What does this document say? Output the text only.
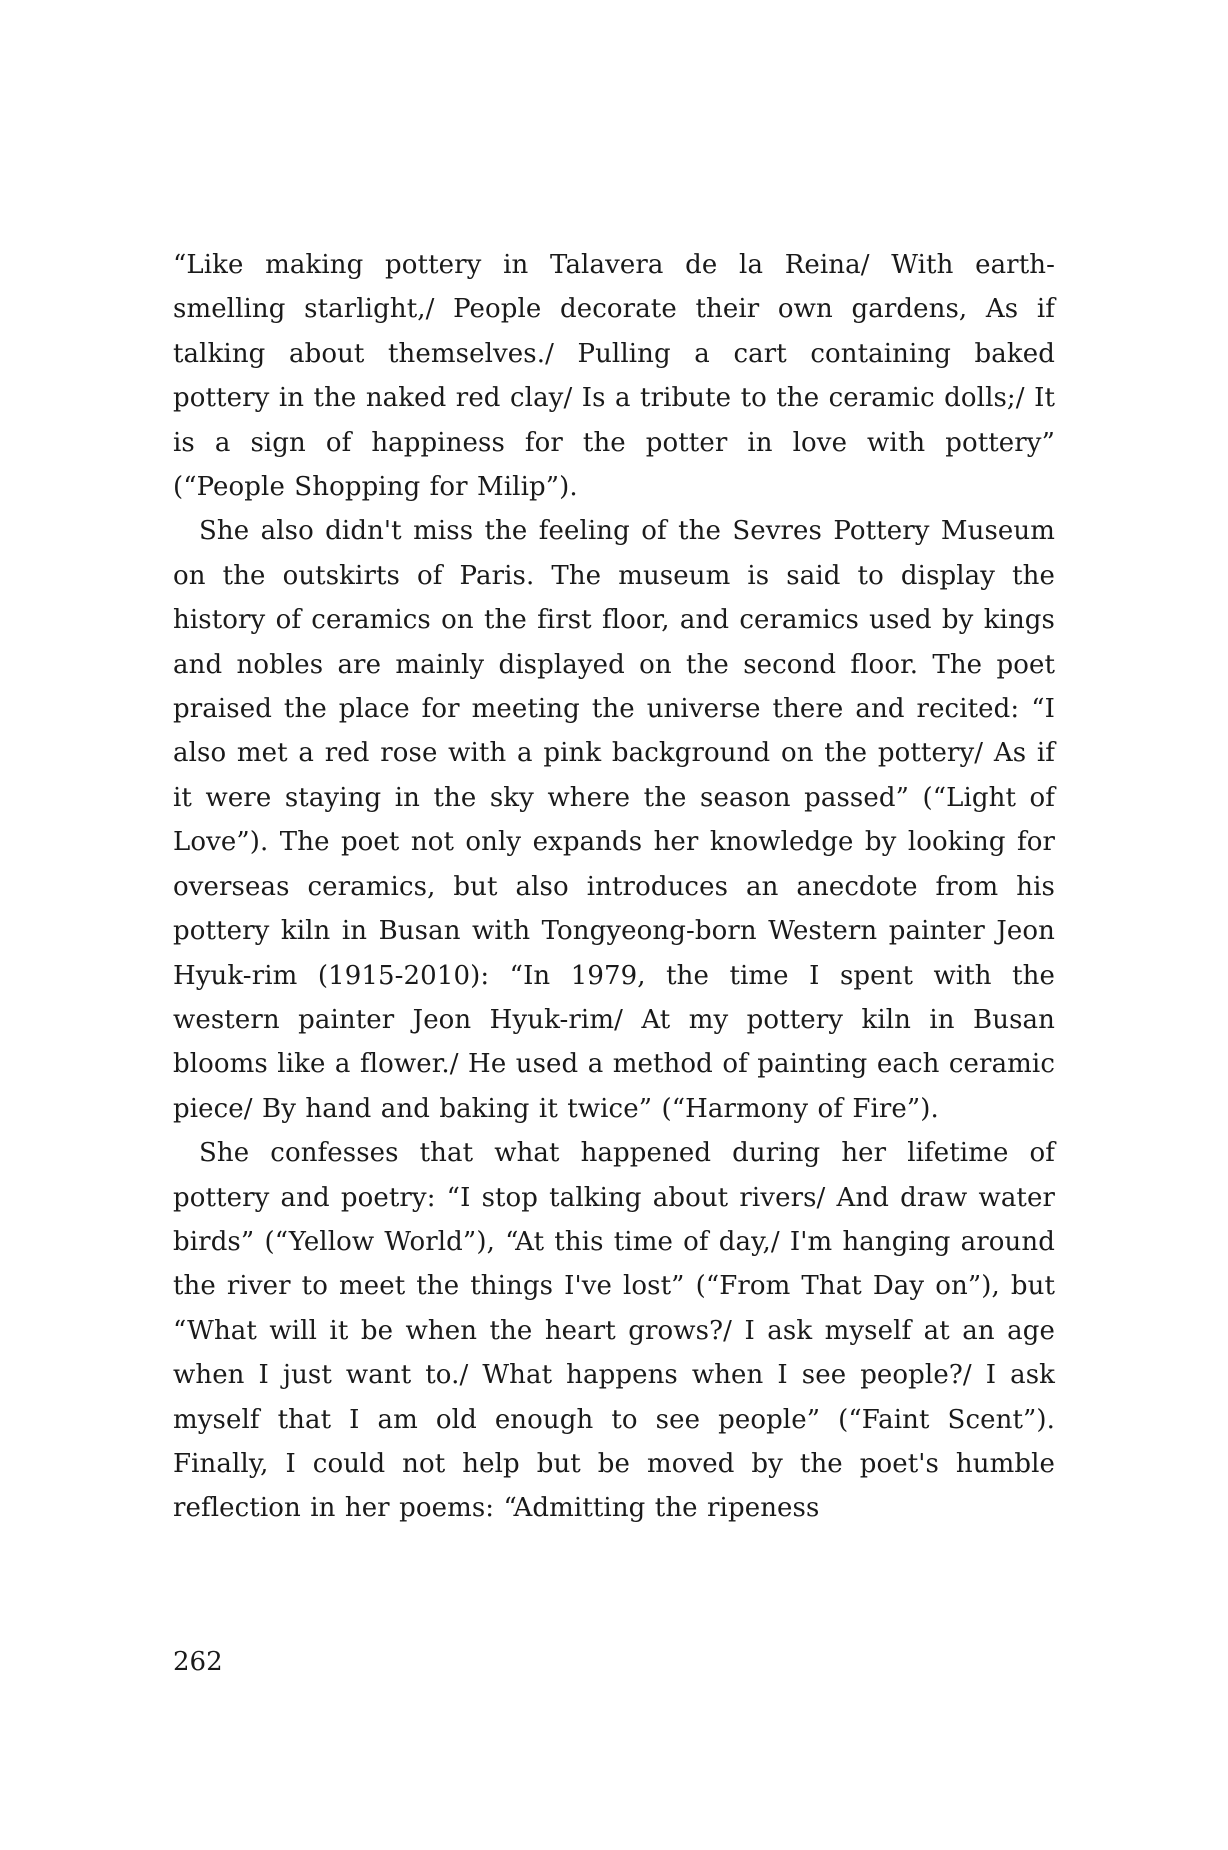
“Like making pottery in Talavera de la Reina/ With earth-smelling starlight,/ People decorate their own gardens, As if talking about themselves./ Pulling a cart containing baked pottery in the naked red clay/ Is a tribute to the ceramic dolls;/ It is a sign of happiness for the potter in love with pottery” (“People Shopping for Milip”).

She also didn't miss the feeling of the Sevres Pottery Museum on the outskirts of Paris. The museum is said to display the history of ceramics on the first floor, and ceramics used by kings and nobles are mainly displayed on the second floor. The poet praised the place for meeting the universe there and recited: “I also met a red rose with a pink background on the pottery/ As if it were staying in the sky where the season passed” (“Light of Love”). The poet not only expands her knowledge by looking for overseas ceramics, but also introduces an anecdote from his pottery kiln in Busan with Tongyeong-born Western painter Jeon Hyuk-rim (1915-2010): “In 1979, the time I spent with the western painter Jeon Hyuk-rim/ At my pottery kiln in Busan blooms like a flower./ He used a method of painting each ceramic piece/ By hand and baking it twice” (“Harmony of Fire”).

She confesses that what happened during her lifetime of pottery and poetry: “I stop talking about rivers/ And draw water birds” (“Yellow World”), “At this time of day,/ I'm hanging around the river to meet the things I've lost” (“From That Day on”), but “What will it be when the heart grows?/ I ask myself at an age when I just want to./ What happens when I see people?/ I ask myself that I am old enough to see people” (“Faint Scent”). Finally, I could not help but be moved by the poet's humble reflection in her poems: “Admitting the ripeness

262
